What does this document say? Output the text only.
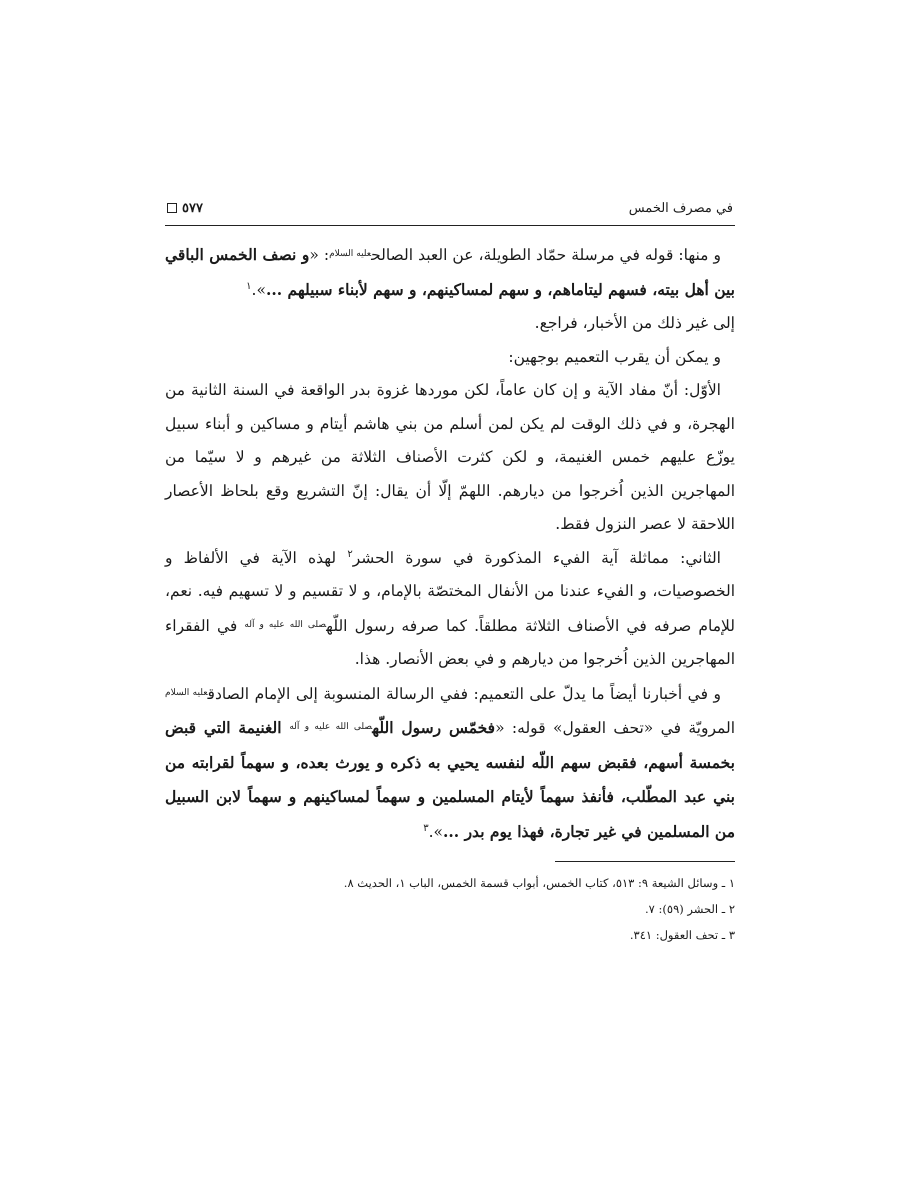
في مصرف الخمس
٥٧٧

و منها: قوله في مرسلة حمّاد الطويلة، عن العبد الصالح$^{عليه السلام}$: «و نصف الخمس الباقي بين أهل بيته، فسهم ليتاماهم، و سهم لمساكينهم، و سهم لأبناء سبيلهم ...».$^١$

إلى غير ذلك من الأخبار، فراجع.

و يمكن أن يقرب التعميم بوجهين:

الأوّل: أنّ مفاد الآية و إن كان عاماً، لكن موردها غزوة بدر الواقعة في السنة الثانية من الهجرة، و في ذلك الوقت لم يكن لمن أسلم من بني هاشم أيتام و مساكين و أبناء سبيل يوزّع عليهم خمس الغنيمة، و لكن كثرت الأصناف الثلاثة من غيرهم و لا سيّما من المهاجرين الذين اُخرجوا من ديارهم. اللهمّ إلّا أن يقال: إنّ التشريع وقع بلحاظ الأعصار اللاحقة لا عصر النزول فقط.

الثاني: مماثلة آية الفيء المذكورة في سورة الحشر$^٢$ لهذه الآية في الألفاظ و الخصوصيات، و الفيء عندنا من الأنفال المختصّة بالإمام، و لا تقسيم و لا تسهيم فيه. نعم، للإمام صرفه في الأصناف الثلاثة مطلقاً. كما صرفه رسول اللّه$^{صلى الله عليه و آله}$ في الفقراء المهاجرين الذين اُخرجوا من ديارهم و في بعض الأنصار. هذا.

و في أخبارنا أيضاً ما يدلّ على التعميم: ففي الرسالة المنسوبة إلى الإمام الصادق$^{عليه السلام}$ المرويّة في «تحف العقول» قوله: «فخمّس رسول اللّه$^{صلى الله عليه و آله}$ الغنيمة التي قبض بخمسة أسهم، فقبض سهم اللّه لنفسه يحيي به ذكره و يورث بعده، و سهماً لقرابته من بني عبد المطّلب، فأنفذ سهماً لأيتام المسلمين و سهماً لمساكينهم و سهماً لابن السبيل من المسلمين في غير تجارة، فهذا يوم بدر ...».$^٣$

١ ـ وسائل الشيعة ٩: ٥١٣، كتاب الخمس، أبواب قسمة الخمس، الباب ١، الحديث ٨.
٢ ـ الحشر (٥٩): ٧.
٣ ـ تحف العقول: ٣٤١.
